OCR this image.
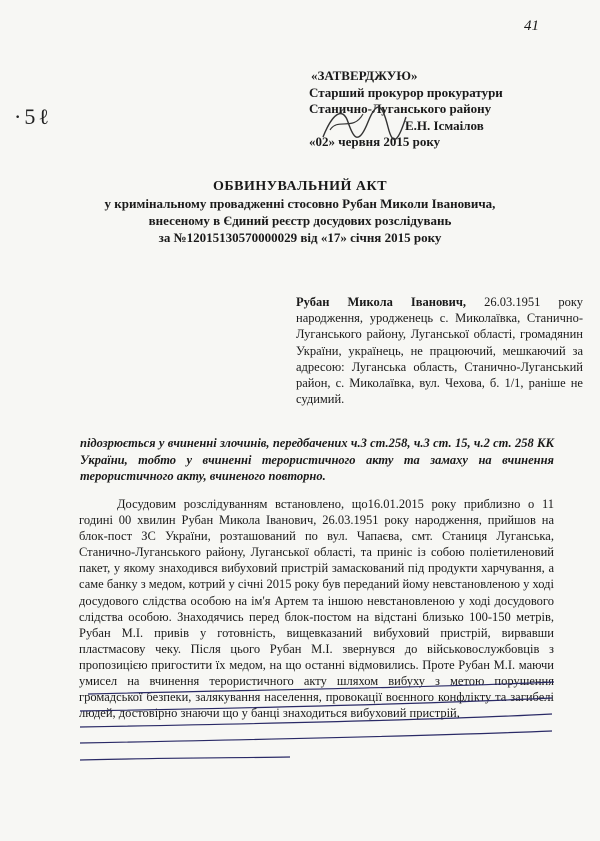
41
·5ℓ
«ЗАТВЕРДЖУЮ»
Старший прокурор прокуратури
Станично-Луганського району
Е.Н. Ісмаілов
«02» червня 2015 року
ОБВИНУВАЛЬНИЙ АКТ
у кримінальному провадженні стосовно Рубан Миколи Івановича,
внесеному в Єдиний реєстр досудових розслідувань
за №12015130570000029 від «17» січня 2015 року
Рубан Микола Іванович, 26.03.1951 року народження, уродженець с. Миколаївка, Станично-Луганського району, Луганської області, громадянин України, українець, не працюючий, мешкаючий за адресою: Луганська область, Станично-Луганський район, с. Миколаївка, вул. Чехова, б. 1/1, раніше не судимий.
підозрюється у вчиненні злочинів, передбачених ч.3 ст.258, ч.3 ст. 15, ч.2 ст. 258 КК України, тобто у вчиненні терористичного акту та замаху на вчинення терористичного акту, вчиненого повторно.

Досудовим розслідуванням встановлено, що16.01.2015 року приблизно о 11 годині 00 хвилин Рубан Микола Іванович, 26.03.1951 року народження, прийшов на блок-пост ЗС України, розташований по вул. Чапаєва, смт. Станиця Луганська, Станично-Луганського району, Луганської області, та приніс із собою поліетиленовий пакет, у якому знаходився вибуховий пристрій замаскований під продукти харчування, а саме банку з медом, котрий у січні 2015 року був переданий йому невстановленою у ході досудового слідства особою на ім'я Артем та іншою невстановленою у ході досудового слідства особою. Знаходячись перед блок-постом на відстані близько 100-150 метрів, Рубан М.І. привів у готовність, вищевказаний вибуховий пристрій, вирвавши пластмасову чеку. Після цього Рубан М.І. звернувся до військовослужбовців з пропозицією пригостити їх медом, на що останні відмовились. Проте Рубан М.І. маючи умисел на вчинення терористичного акту шляхом вибуху з метою порушення громадської безпеки, залякування населення, провокації воєнного конфлікту та загибелі людей, достовірно знаючи що у банці знаходиться вибуховий пристрій,
